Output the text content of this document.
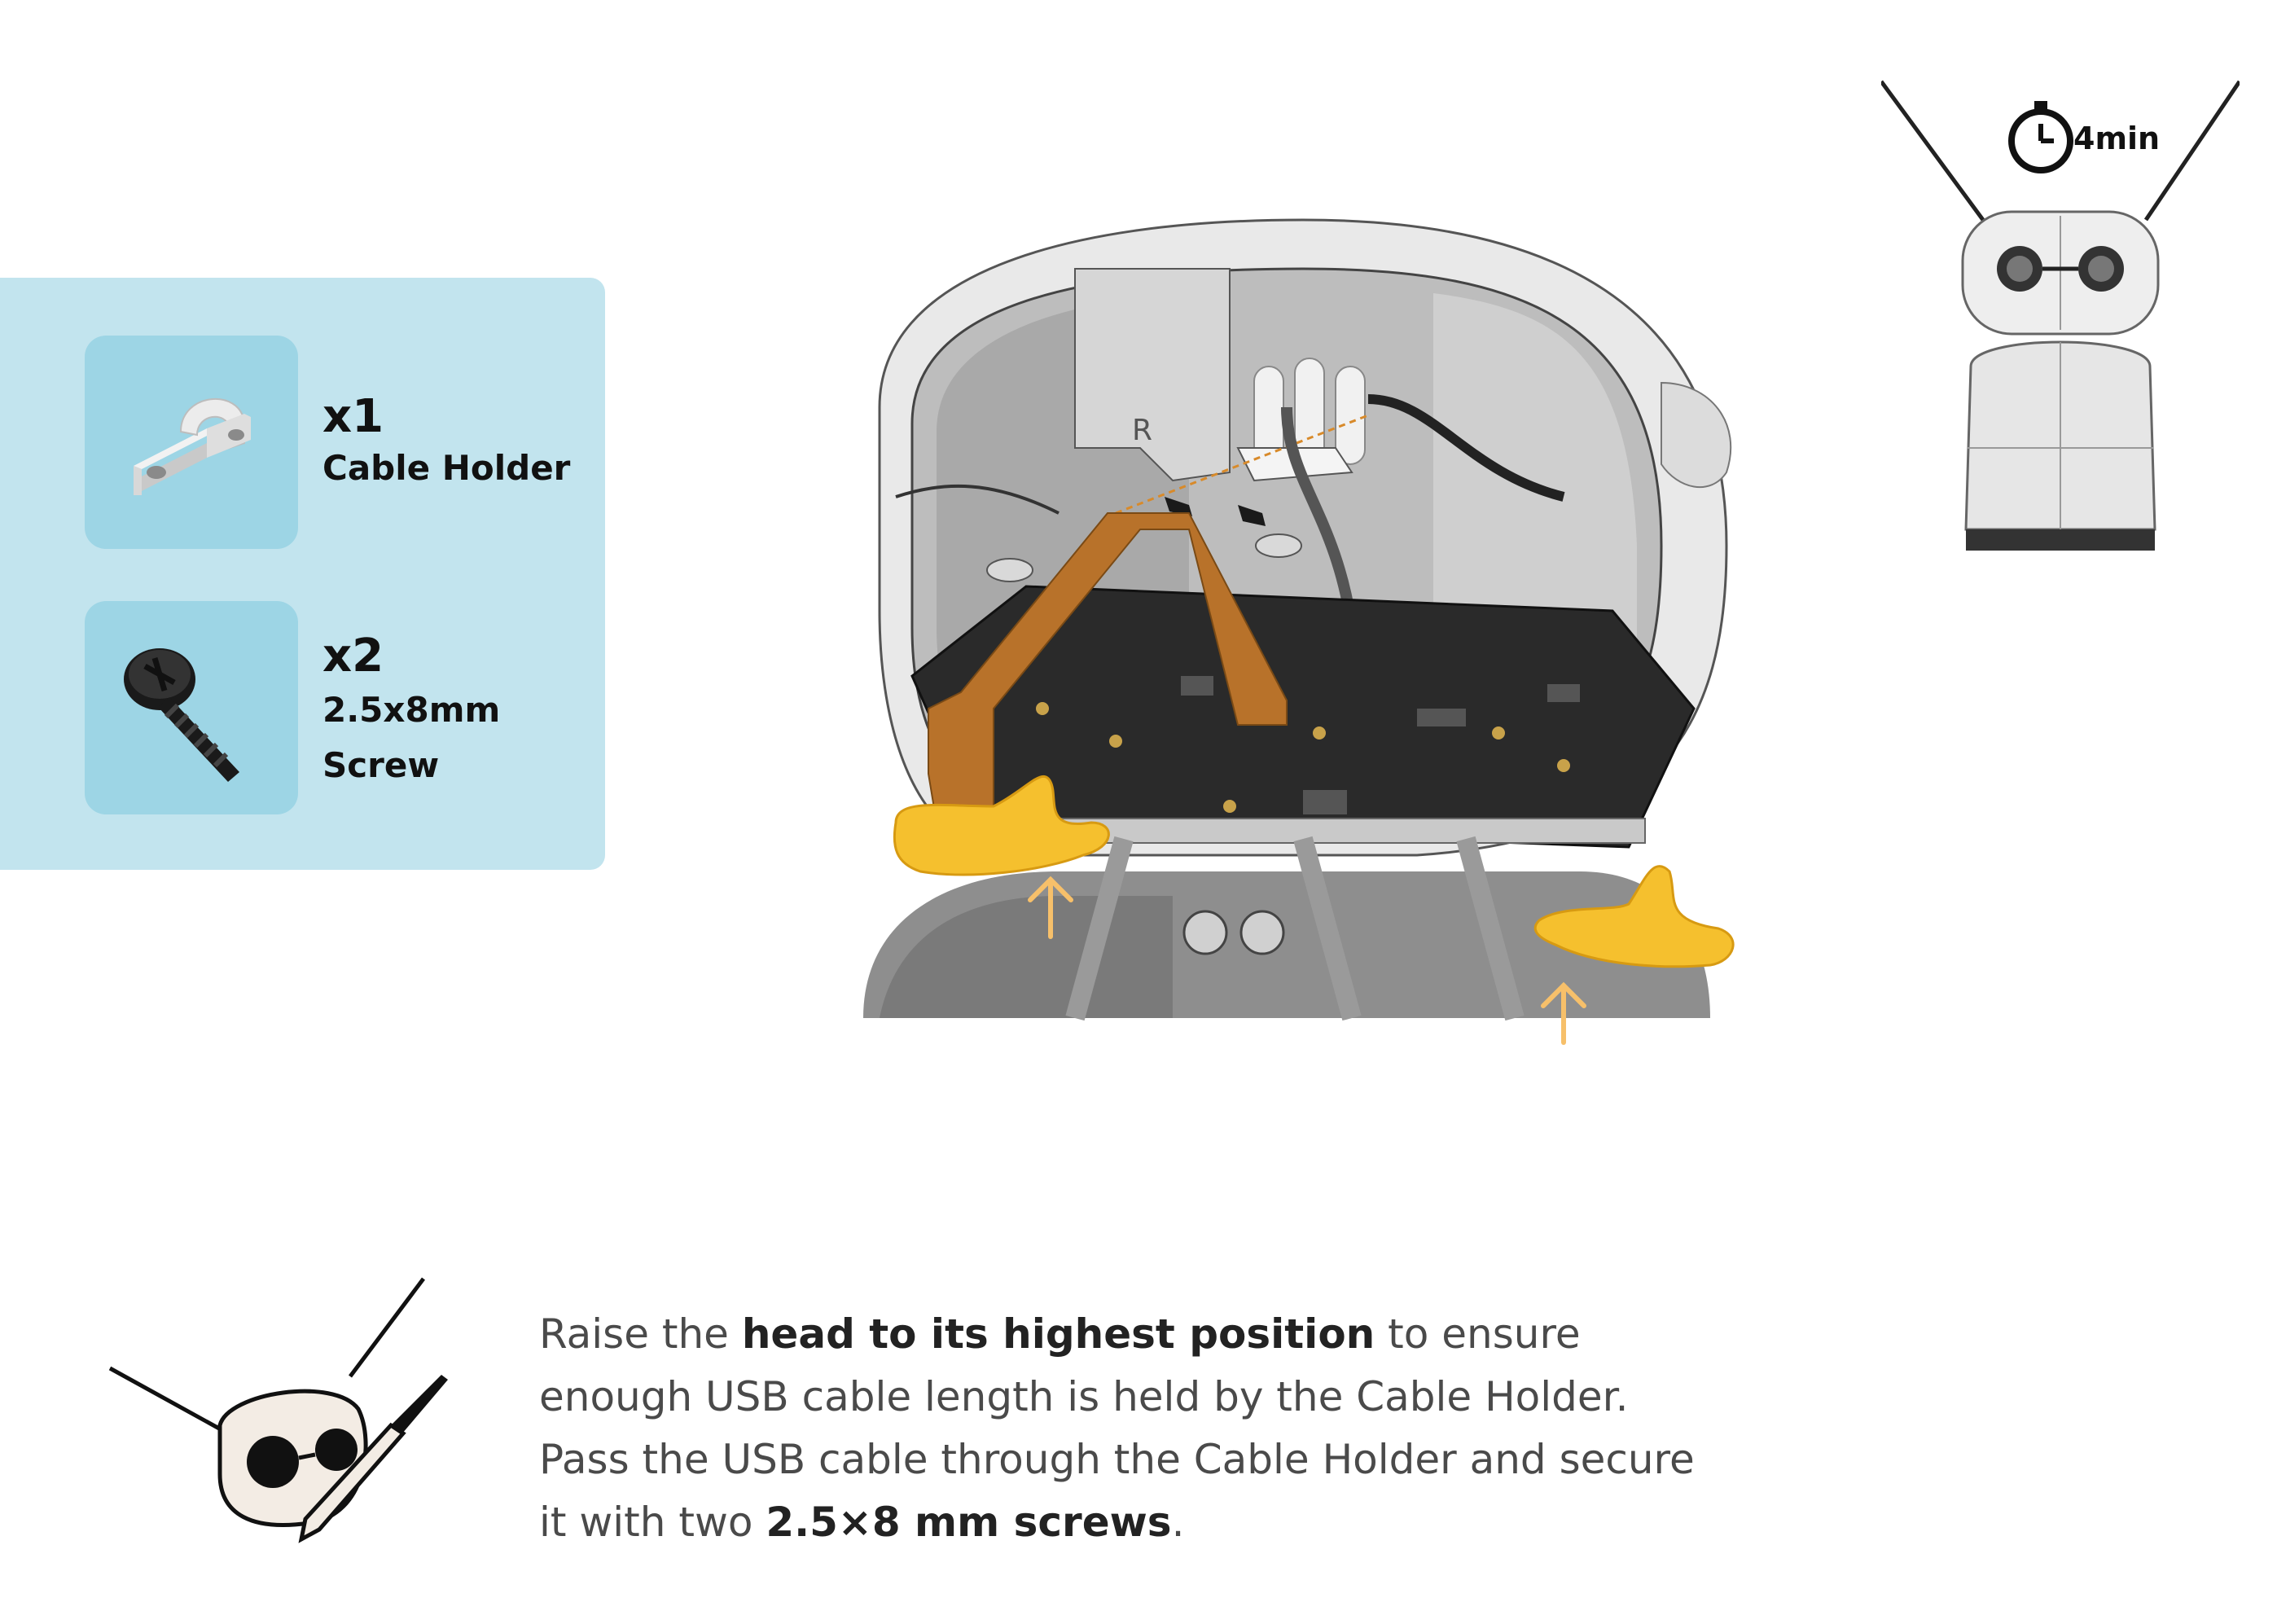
x1
Cable Holder
x2
2.5x8mm
Screw
R
4min
Raise the head to its highest position to ensure enough USB cable length is held by the Cable Holder. Pass the USB cable through the Cable Holder and secure it with two 2.5×8 mm screws.
